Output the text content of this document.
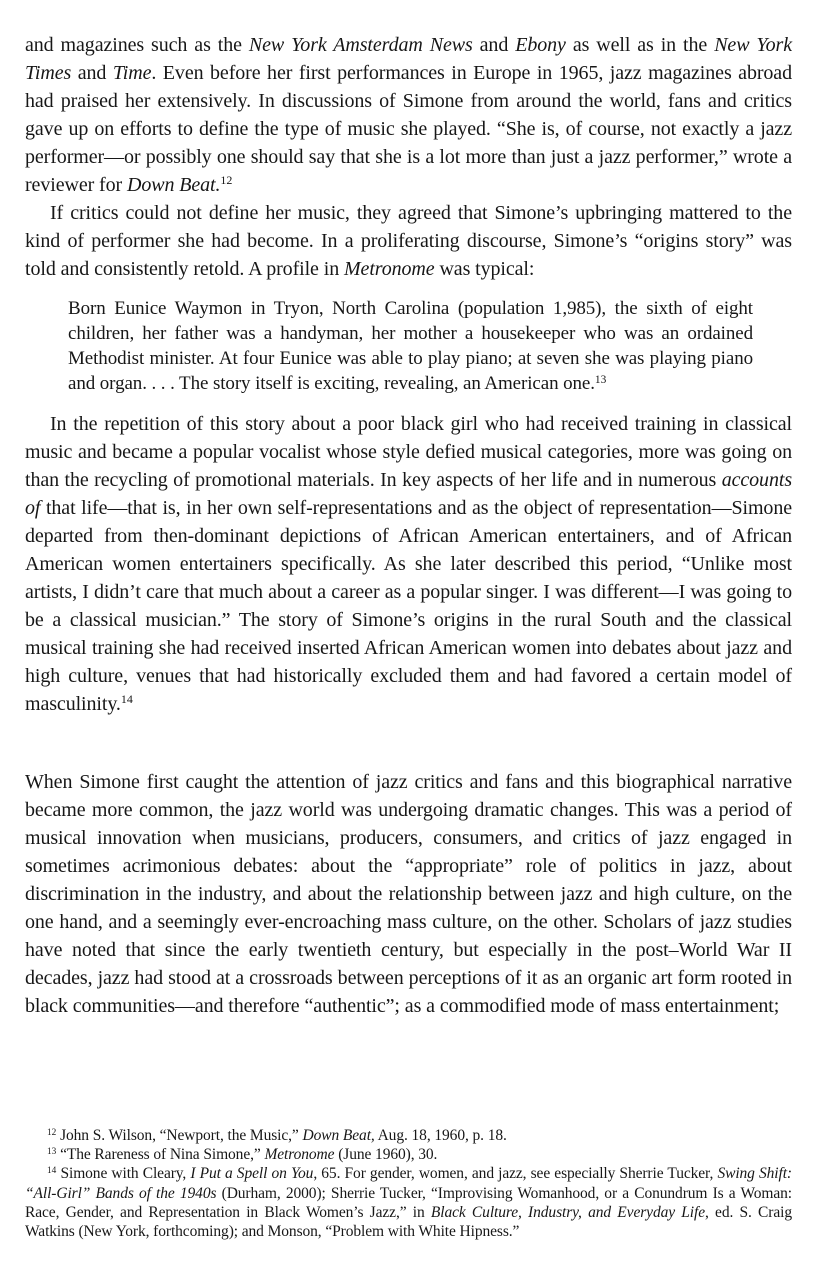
and magazines such as the New York Amsterdam News and Ebony as well as in the New York Times and Time. Even before her first performances in Europe in 1965, jazz magazines abroad had praised her extensively. In discussions of Simone from around the world, fans and critics gave up on efforts to define the type of music she played. “She is, of course, not exactly a jazz performer—or possibly one should say that she is a lot more than just a jazz performer,” wrote a reviewer for Down Beat.$^{12}$

If critics could not define her music, they agreed that Simone’s upbringing mattered to the kind of performer she had become. In a proliferating discourse, Simone’s “origins story” was told and consistently retold. A profile in Metronome was typical:

Born Eunice Waymon in Tryon, North Carolina (population 1,985), the sixth of eight children, her father was a handyman, her mother a housekeeper who was an ordained Methodist minister. At four Eunice was able to play piano; at seven she was playing piano and organ. . . . The story itself is exciting, revealing, an American one.$^{13}$

In the repetition of this story about a poor black girl who had received training in classical music and became a popular vocalist whose style defied musical categories, more was going on than the recycling of promotional materials. In key aspects of her life and in numerous accounts of that life—that is, in her own self-representations and as the object of representation—Simone departed from then-dominant depictions of African American entertainers, and of African American women entertainers specifically. As she later described this period, “Unlike most artists, I didn’t care that much about a career as a popular singer. I was different—I was going to be a classical musician.” The story of Simone’s origins in the rural South and the classical musical training she had received inserted African American women into debates about jazz and high culture, venues that had historically excluded them and had favored a certain model of masculinity.$^{14}$

When Simone first caught the attention of jazz critics and fans and this biographical narrative became more common, the jazz world was undergoing dramatic changes. This was a period of musical innovation when musicians, producers, consumers, and critics of jazz engaged in sometimes acrimonious debates: about the “appropriate” role of politics in jazz, about discrimination in the industry, and about the relationship between jazz and high culture, on the one hand, and a seemingly ever-encroaching mass culture, on the other. Scholars of jazz studies have noted that since the early twentieth century, but especially in the post–World War II decades, jazz had stood at a crossroads between perceptions of it as an organic art form rooted in black communities—and therefore “authentic”; as a commodified mode of mass entertainment;

$^{12}$ John S. Wilson, “Newport, the Music,” Down Beat, Aug. 18, 1960, p. 18.

$^{13}$ “The Rareness of Nina Simone,” Metronome (June 1960), 30.

$^{14}$ Simone with Cleary, I Put a Spell on You, 65. For gender, women, and jazz, see especially Sherrie Tucker, Swing Shift: “All-Girl” Bands of the 1940s (Durham, 2000); Sherrie Tucker, “Improvising Womanhood, or a Conundrum Is a Woman: Race, Gender, and Representation in Black Women’s Jazz,” in Black Culture, Industry, and Everyday Life, ed. S. Craig Watkins (New York, forthcoming); and Monson, “Problem with White Hipness.”
